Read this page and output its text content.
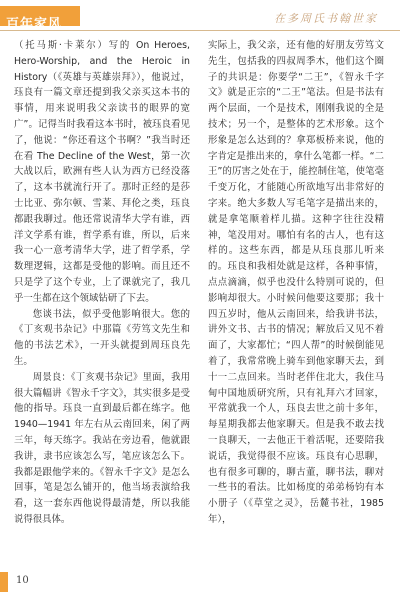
百年家风	在多周氏书翰世家

（托马斯·卡莱尔）写的 On Heroes, Hero-Worship, and the Heroic in History（《英雄与英雄崇拜》），他说过，珏良有一篇文章还提到我父亲买这本书的事情，用来说明我父亲读书的眼界的宽广”。记得当时我看这本书时，被珏良看见了，他说：“你还看这个书啊？”我当时还在看 The Decline of the West，第一次大战以后，欧洲有些人认为西方已经没落了，这本书就流行开了。那时正经的是莎士比亚、弥尔顿、雪莱、拜伦之类，珏良都跟我聊过。他还常说清华大学有谁，西洋文学系有谁，哲学系有谁，所以，后来我一心一意考清华大学，进了哲学系，学数理逻辑，这都是受他的影响。而且还不只是学了这个专业，上了课就完了，我几乎一生都在这个领域钻研了下去。

您谈书法，似乎受他影响很大。您的《丁亥观书杂记》中那篇《劳笃文先生和他的书法艺术》，一开头就提到周珏良先生。

周景良：《丁亥观书杂记》里面，我用很大篇幅讲《智永千字文》，其实很多是受他的指导。珏良一直到最后都在练字。他 1940—1941 年左右从云南回来，闲了两三年，每天练字。我站在旁边看，他就跟我讲，隶书应该怎么写，笔应该怎么下。我都是跟他学来的。《智永千字文》是怎么回事，笔是怎么铺开的，他当场表演给我看，这一套东西他说得最清楚，所以我能说得很具体。

实际上，我父亲，还有他的好朋友劳笃文先生，包括我的四叔周季木，他们这个圈子的共识是：你要学“二王”，《智永千字文》就是正宗的“二王”笔法。但是书法有两个层面，一个是技术，刚刚我说的全是技术；另一个，是整体的艺术形象。这个形象是怎么达到的？拿郑板桥来说，他的字肯定是推出来的，拿什么笔都一样。“二王”的厉害之处在于，能控制住笔，使笔毫千变万化，才能随心所欲地写出非常好的字来。绝大多数人写毛笔字是描出来的，就是拿笔顺着样儿描。这种字往往没精神，笔没用对。哪怕有名的古人，也有这样的。这些东西，都是从珏良那儿听来的。珏良和我相处就是这样，各种事情，点点滴滴，似乎也没什么特别可说的，但影响却很大。小时候问他要这要那；我十四五岁时，他从云南回来，给我讲书法，讲外文书、古书的情况；解放后又见不着面了，大家都忙；“四人帮”的时候倒能见着了，我常常晚上骑车到他家聊天去，到十一二点回来。当时老伴住北大，我住马甸中国地质研究所，只有礼拜六才回家，平常就我一个人，珏良去世之前十多年，每星期我都去他家聊天。但是我不敢去找一良聊天，一去他正干着活呢，还要陪我说话，我觉得很不应该。珏良有心思聊，也有很多可聊的，聊古董，聊书法，聊对一些书的看法。比如杨度的弟弟杨钧有本小册子（《草堂之灵》，岳麓书社，1985 年），

10
